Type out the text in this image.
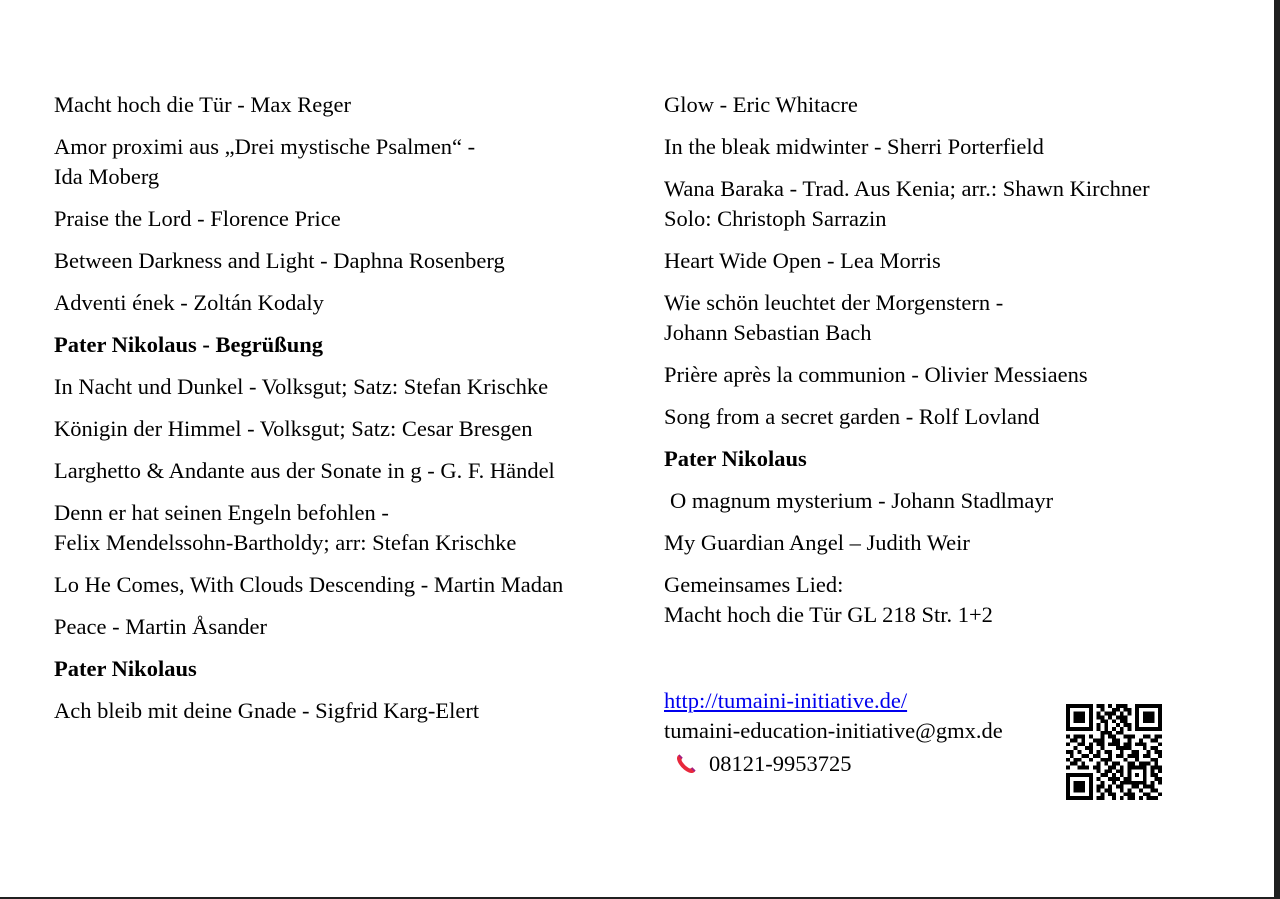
Macht hoch die Tür - Max Reger
Amor proximi aus „Drei mystische Psalmen“ -
Ida Moberg
Praise the Lord - Florence Price
Between Darkness and Light - Daphna Rosenberg
Adventi ének - Zoltán Kodaly
Pater Nikolaus - Begrüßung
In Nacht und Dunkel - Volksgut; Satz: Stefan Krischke
Königin der Himmel - Volksgut; Satz: Cesar Bresgen
Larghetto & Andante aus der Sonate in g - G. F. Händel
Denn er hat seinen Engeln befohlen -
Felix Mendelssohn-Bartholdy; arr: Stefan Krischke
Lo He Comes, With Clouds Descending - Martin Madan
Peace - Martin Åsander
Pater Nikolaus
Ach bleib mit deine Gnade - Sigfrid Karg-Elert
Glow - Eric Whitacre
In the bleak midwinter - Sherri Porterfield
Wana Baraka - Trad. Aus Kenia; arr.: Shawn Kirchner
Solo: Christoph Sarrazin
Heart Wide Open - Lea Morris
Wie schön leuchtet der Morgenstern -
Johann Sebastian Bach
Prière après la communion - Olivier Messiaens
Song from a secret garden - Rolf Lovland
Pater Nikolaus
O magnum mysterium - Johann Stadlmayr
My Guardian Angel – Judith Weir
Gemeinsames Lied:
Macht hoch die Tür GL 218 Str. 1+2
http://tumaini-initiative.de/
tumaini-education-initiative@gmx.de
08121-9953725
